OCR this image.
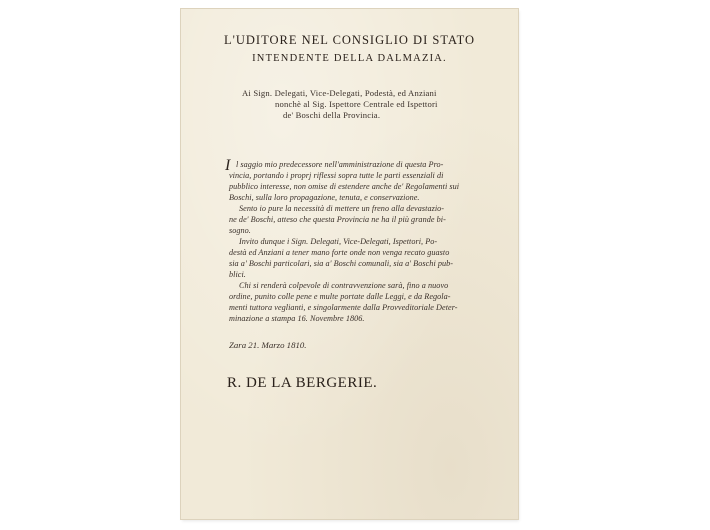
L'UDITORE NEL CONSIGLIO DI STATO
INTENDENTE DELLA DALMAZIA.
Ai Sign. Delegati, Vice-Delegati, Podestà, ed Anziani
nonchè al Sig. Ispettore Centrale ed Ispettori
de' Boschi della Provincia.
I l saggio mio predecessore nell'amministrazione di questa Pro-
vincia, portando i proprj riflessi sopra tutte le parti essenziali di
pubblico interesse, non omise di estendere anche de' Regolamenti sui
Boschi, sulla loro propagazione, tenuta, e conservazione.
Sento io pure la necessità di mettere un freno alla devastazio-
ne de' Boschi, atteso che questa Provincia ne ha il più grande bi-
sogno.
Invito dunque i Sign. Delegati, Vice-Delegati, Ispettori, Po-
destà ed Anziani a tener mano forte onde non venga recato guasto
sia a' Boschi particolari, sia a' Boschi comunali, sia a' Boschi pub-
blici.
Chi si renderà colpevole di contravvenzione sarà, fino a nuovo
ordine, punito colle pene e multe portate dalle Leggi, e da Regola-
menti tuttora veglianti, e singolarmente dalla Provveditoriale Deter-
minazione a stampa 16. Novembre 1806.
Zara 21. Marzo 1810.
R. DE LA BERGERIE.
